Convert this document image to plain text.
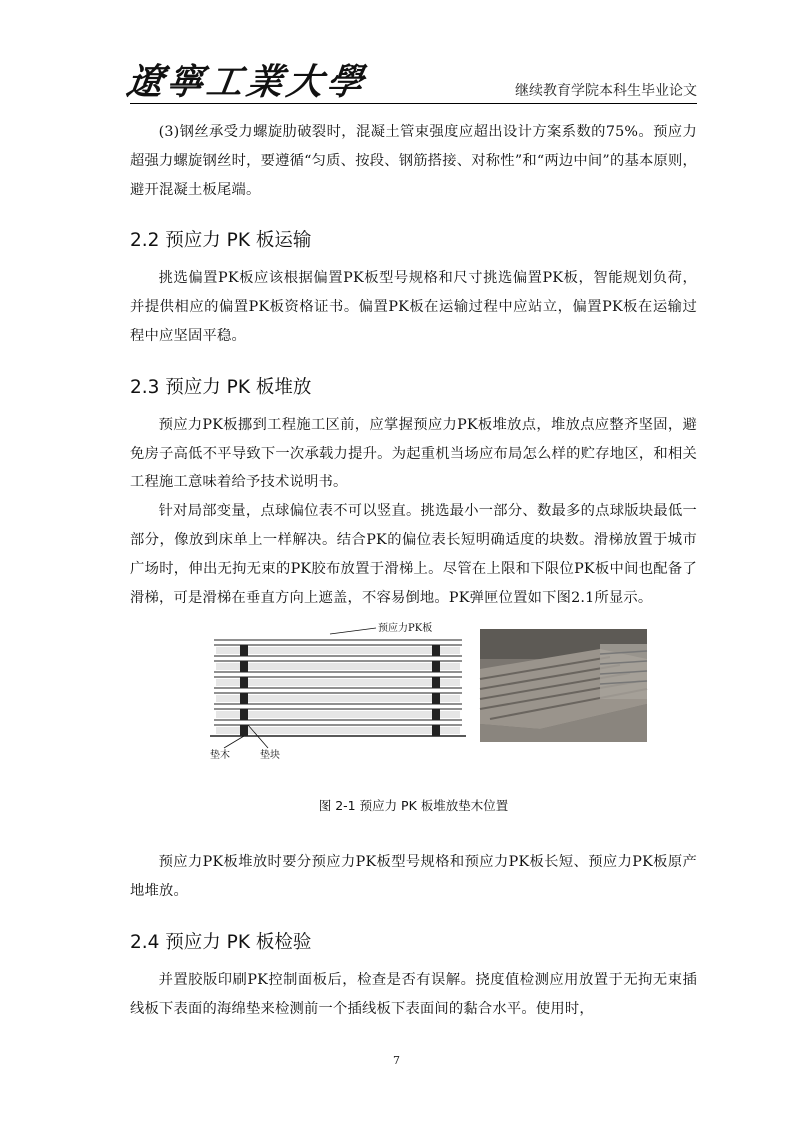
遼寧工業大學	继续教育学院本科生毕业论文

(3)钢丝承受力螺旋肋破裂时，混凝土管束强度应超出设计方案系数的75%。预应力超强力螺旋钢丝时，要遵循“匀质、按段、钢筋搭接、对称性”和“两边中间”的基本原则，避开混凝土板尾端。

2.2 预应力 PK 板运输

挑选偏置PK板应该根据偏置PK板型号规格和尺寸挑选偏置PK板，智能规划负荷，并提供相应的偏置PK板资格证书。偏置PK板在运输过程中应站立，偏置PK板在运输过程中应坚固平稳。

2.3 预应力 PK 板堆放

预应力PK板挪到工程施工区前，应掌握预应力PK板堆放点，堆放点应整齐坚固，避免房子高低不平导致下一次承载力提升。为起重机当场应布局怎么样的贮存地区，和相关工程施工意味着给予技术说明书。

针对局部变量，点球偏位表不可以竖直。挑选最小一部分、数最多的点球版块最低一部分，像放到床单上一样解决。结合PK的偏位表长短明确适度的块数。滑梯放置于城市广场时，伸出无拘无束的PK胶布放置于滑梯上。尽管在上限和下限位PK板中间也配备了滑梯，可是滑梯在垂直方向上遮盖，不容易倒地。PK弹匣位置如下图2.1所显示。

预应力PK板
垫木	垫块
图 2-1 预应力 PK 板堆放垫木位置

预应力PK板堆放时要分预应力PK板型号规格和预应力PK板长短、预应力PK板原产地堆放。

2.4 预应力 PK 板检验

并置胶版印刷PK控制面板后，检查是否有误解。挠度值检测应用放置于无拘无束插线板下表面的海绵垫来检测前一个插线板下表面间的黏合水平。使用时，

7
